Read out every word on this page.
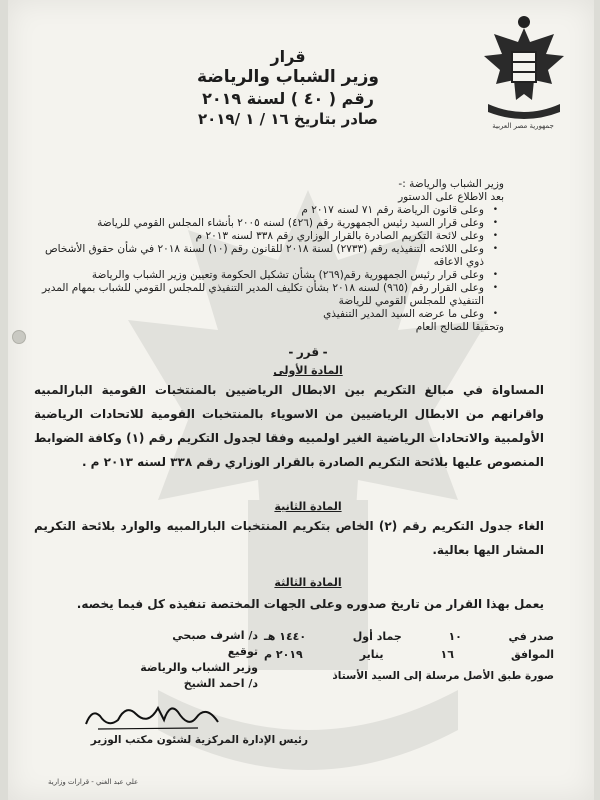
جمهورية مصر العربية
قرار
وزير الشباب والرياضة
رقم ( ٤٠ ) لسنة ٢٠١٩
صادر بتاريخ ١٦ / ١ /٢٠١٩
وزير الشباب والرياضة :-
بعد الاطلاع على الدستور
• وعلى قانون الرياضة رقم ٧١ لسنه ٢٠١٧ م
• وعلى قرار السيد رئيس الجمهورية رقم (٤٢٦) لسنه ٢٠٠٥ بأنشاء المجلس القومي للرياضة
• وعلى لائحة التكريم الصادرة بالقرار الوزاري رقم ٣٣٨ لسنه ٢٠١٣ م
• وعلى اللائحه التنفيذيه رقم (٢٧٣٣) لسنة ٢٠١٨ للقانون رقم (١٠) لسنة ٢٠١٨ في شأن حقوق الأشخاص ذوي الاعاقه
• وعلى قرار رئيس الجمهورية رقم(٢٦٩) بشأن تشكيل الحكومة وتعيين وزير الشباب والرياضة
• وعلى القرار رقم (٩٦٥) لسنه ٢٠١٨ بشأن تكليف المدير التنفيذي للمجلس القومي للشباب بمهام المدير التنفيذي للمجلس القومي للرياضة
• وعلى ما عرضه السيد المدير التنفيذي
وتحقيقا للصالح العام
-قرر-
المادة الأولى
المساواة في مبالغ التكريم بين الابطال الرياضيين بالمنتخبات القومية البارالمبيه واقرانهم من الابطال الرياضيين من الاسوياء بالمنتخبات القومية للاتحادات الرياضية الأولمبية والاتحادات الرياضية الغير اولمبيه وفقا لجدول التكريم رقم (١) وكافة الضوابط المنصوص عليها بلائحة التكريم الصادرة بالقرار الوزاري رقم ٣٣٨ لسنه ٢٠١٣ م .
المادة الثانية
الغاء جدول التكريم رقم (٢) الخاص بتكريم المنتخبات البارالمبيه والوارد بلائحة التكريم المشار اليها بعالية.
المادة الثالثة
يعمل بهذا القرار من تاريخ صدوره وعلى الجهات المختصة تنفيذه كل فيما يخصه.
صدر في
١٠
جماد أول
١٤٤٠ هـ
الموافق
١٦
يناير
٢٠١٩ م
د/ اشرف صبحي
توقيع
وزير الشباب والرياضة
د/ احمد الشيخ
صورة طبق الأصل مرسلة إلى السيد الأستاذ
رئيس الإدارة المركزية لشئون مكتب الوزير
علي عبد الغني - قرارات وزارية
